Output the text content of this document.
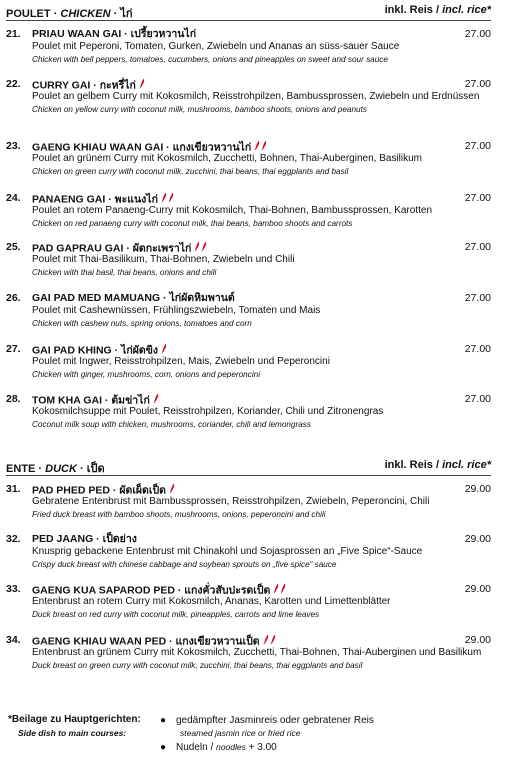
POULET · CHICKEN · ไก่	inkl. Reis / incl. rice*
21.	27.00
PRIAU WAAN GAI · เปรี้ยวหวานไก่
Poulet mit Peperoni, Tomaten, Gurken, Zwiebeln und Ananas an süss-sauer Sauce
Chicken with bell peppers, tomatoes, cucumbers, onions and pineapples on sweet and sour sauce
22.	27.00
CURRY GAI · กะหรี่ไก่
Poulet an gelbem Curry mit Kokosmilch, Reisstrohpilzen, Bambussprossen, Zwiebeln und Erdnüssen
Chicken on yellow curry with coconut milk, mushrooms, bamboo shoots, onions and peanuts
23.	27.00
GAENG KHIAU WAAN GAI · แกงเขียวหวานไก่
Poulet an grünem Curry mit Kokosmilch, Zucchetti, Bohnen, Thai-Auberginen, Basilikum
Chicken on green curry with coconut milk, zucchini, thai beans, thai eggplants and basil
24.	27.00
PANAENG GAI · พะแนงไก่
Poulet an rotem Panaeng-Curry mit Kokosmilch, Thai-Bohnen, Bambussprossen, Karotten
Chicken on red panaeng curry with coconut milk, thai beans, bamboo shoots and carrots
25.	27.00
PAD GAPRAU GAI · ผัดกะเพราไก่
Poulet mit Thai-Basilikum, Thai-Bohnen, Zwiebeln und Chili
Chicken with thai basil, thai beans, onions and chili
26.	27.00
GAI PAD MED MAMUANG · ไก่ผัดหิมพานต์
Poulet mit Cashewnüssen, Frühlingszwiebeln, Tomaten und Mais
Chicken with cashew nuts, spring onions, tomatoes and corn
27.	27.00
GAI PAD KHING · ไก่ผัดขิง
Poulet mit Ingwer, Reisstrohpilzen, Mais, Zwiebeln und Peperoncini
Chicken with ginger, mushrooms, corn, onions and peperoncini
28.	27.00
TOM KHA GAI · ต้มข่าไก่
Kokosmilchsuppe mit Poulet, Reisstrohpilzen, Koriander, Chili und Zitronengras
Coconut milk soup with chicken, mushrooms, coriander, chili and lemongrass
ENTE · DUCK · เป็ด	inkl. Reis / incl. rice*
31.	29.00
PAD PHED PED · ผัดเผ็ดเป็ด
Gebratene Entenbrust mit Bambussprossen, Reisstrohpilzen, Zwiebeln, Peperoncini, Chili
Fried duck breast with bamboo shoots, mushrooms, onions, peperoncini and chili
32.	29.00
PED JAANG · เป็ดย่าง
Knusprig gebackene Entenbrust mit Chinakohl und Sojasprossen an „Five Spice“-Sauce
Crispy duck breast with chinese cabbage and soybean sprouts on „five spice“ sauce
33.	29.00
GAENG KUA SAPAROD PED · แกงคั่วสับปะรดเป็ด
Entenbrust an rotem Curry mit Kokosmilch, Ananas, Karotten und Limettenblätter
Duck breast on red curry with coconut milk, pineapples, carrots and lime leaves
34.	29.00
GAENG KHIAU WAAN PED · แกงเขียวหวานเป็ด
Entenbrust an grünem Curry mit Kokosmilch, Zucchetti, Thai-Bohnen, Thai-Auberginen und Basilikum
Duck breast on green curry with coconut milk, zucchini, thai beans, thai eggplants and basil
*Beilage zu Hauptgerichten:
Side dish to main courses:
● gedämpfter Jasminreis oder gebratener Reis
steamed jasmin rice or fried rice
● Nudeln / noodles + 3.00
